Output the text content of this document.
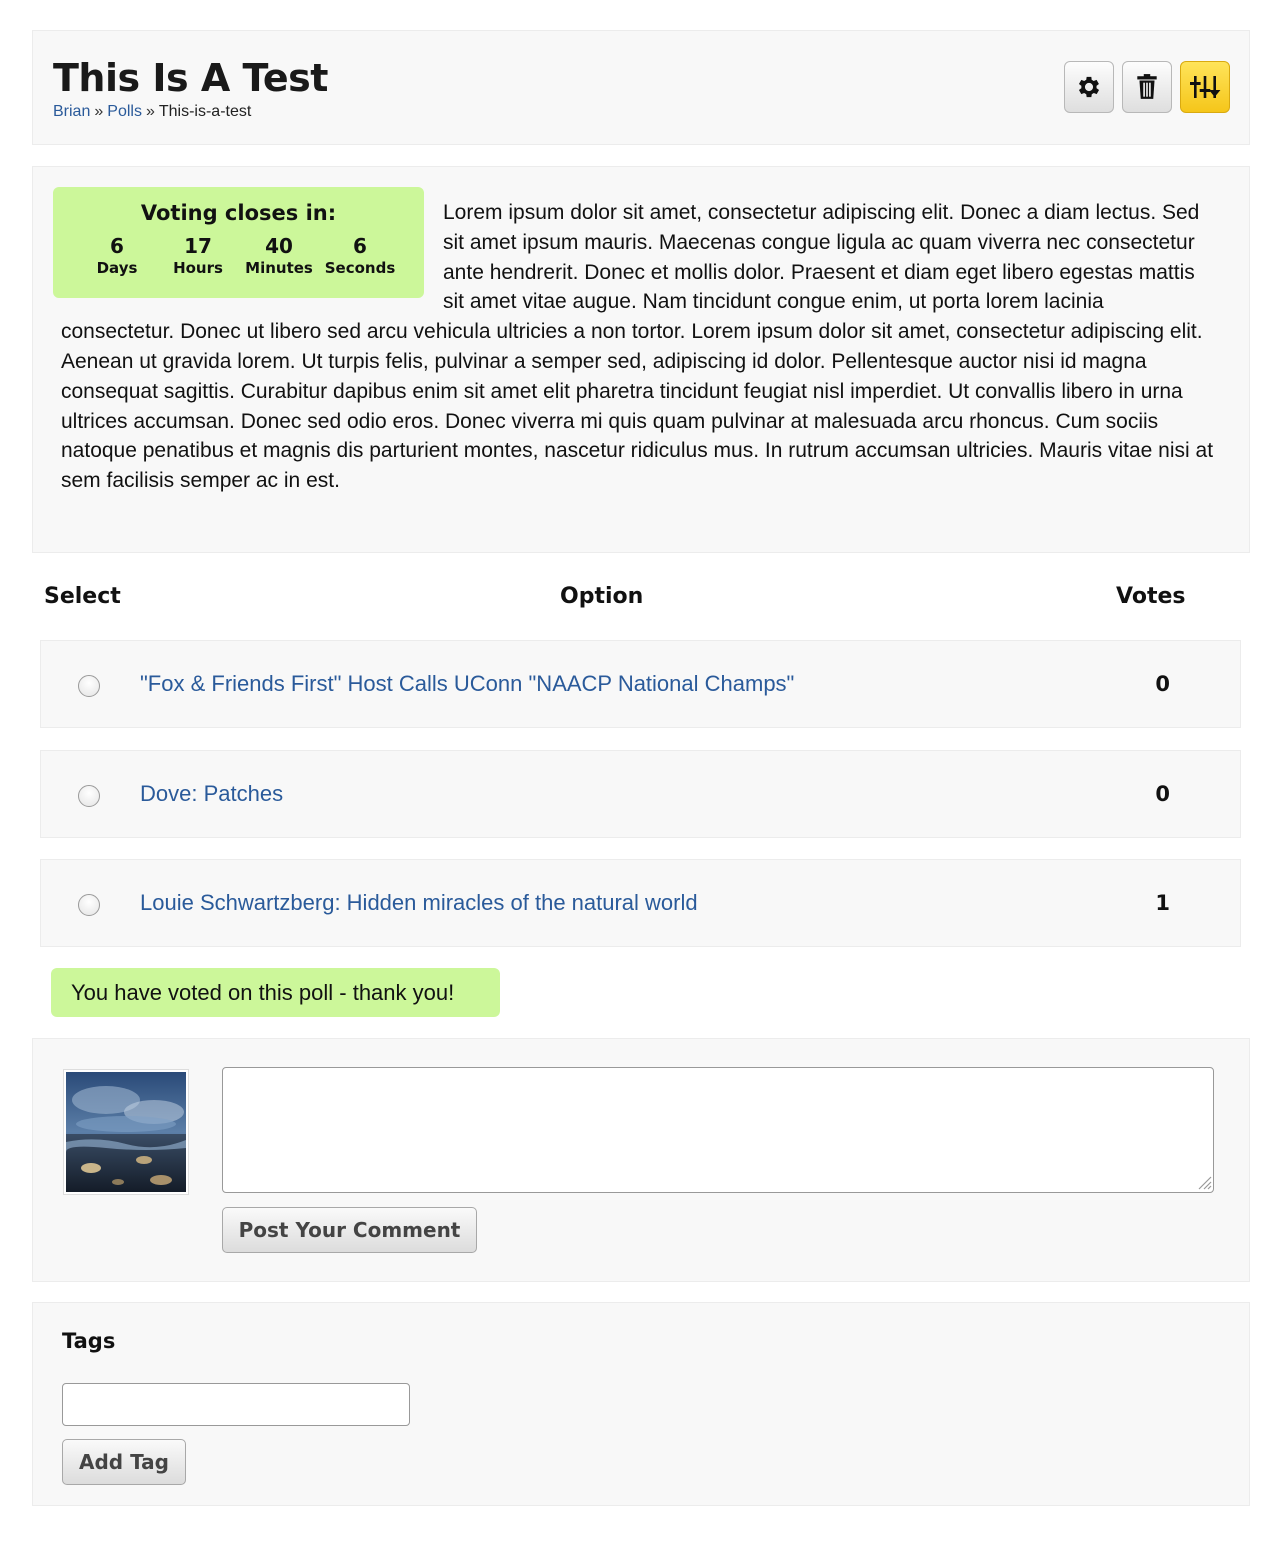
This Is A Test
Brian » Polls » This-is-a-test
Voting closes in:
6
Days
17
Hours
40
Minutes
6
Seconds

Lorem ipsum dolor sit amet, consectetur adipiscing elit. Donec a diam lectus. Sed sit amet ipsum mauris. Maecenas congue ligula ac quam viverra nec consectetur ante hendrerit. Donec et mollis dolor. Praesent et diam eget libero egestas mattis sit amet vitae augue. Nam tincidunt congue enim, ut porta lorem lacinia consectetur. Donec ut libero sed arcu vehicula ultricies a non tortor. Lorem ipsum dolor sit amet, consectetur adipiscing elit. Aenean ut gravida lorem. Ut turpis felis, pulvinar a semper sed, adipiscing id dolor. Pellentesque auctor nisi id magna consequat sagittis. Curabitur dapibus enim sit amet elit pharetra tincidunt feugiat nisl imperdiet. Ut convallis libero in urna ultrices accumsan. Donec sed odio eros. Donec viverra mi quis quam pulvinar at malesuada arcu rhoncus. Cum sociis natoque penatibus et magnis dis parturient montes, nascetur ridiculus mus. In rutrum accumsan ultricies. Mauris vitae nisi at sem facilisis semper ac in est.

Select	Option	Votes
"Fox & Friends First" Host Calls UConn "NAACP National Champs"	0
Dove: Patches	0
Louie Schwartzberg: Hidden miracles of the natural world	1
You have voted on this poll - thank you!
Post Your Comment
Tags
Add Tag
